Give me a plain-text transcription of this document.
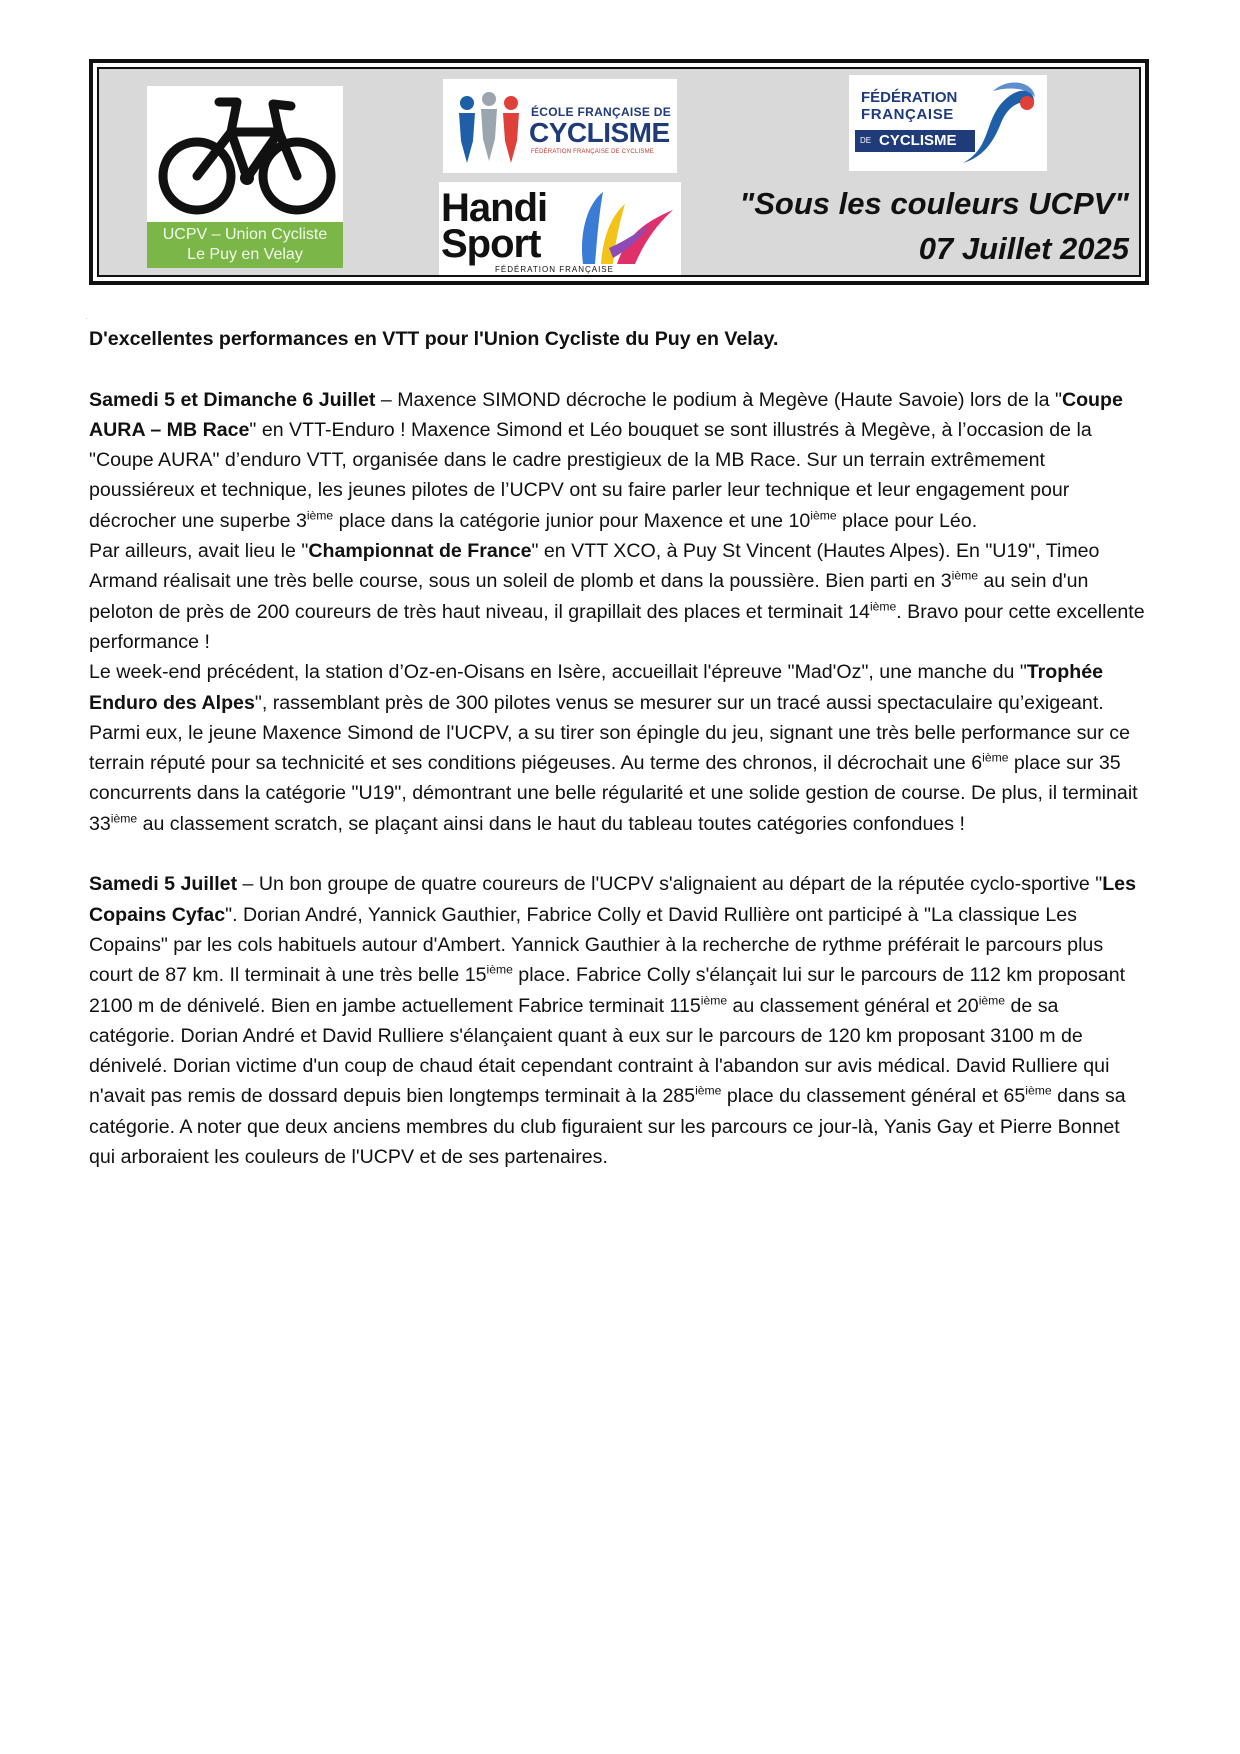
UCPV – Union Cycliste
Le Puy en Velay
ÉCOLE FRANÇAISE DE
CYCLISME
FÉDÉRATION FRANÇAISE DE CYCLISME
FÉDÉRATION
FRANÇAISE
DE CYCLISME
Handi
Sport
FÉDÉRATION FRANÇAISE
"Sous les couleurs UCPV"
07 Juillet 2025
·

D'excellentes performances en VTT pour l'Union Cycliste du Puy en Velay.

Samedi 5 et Dimanche 6 Juillet – Maxence SIMOND décroche le podium à Megève (Haute Savoie) lors de la "Coupe AURA – MB Race" en VTT-Enduro ! Maxence Simond et Léo bouquet se sont illustrés à Megève, à l’occasion de la "Coupe AURA" d’enduro VTT, organisée dans le cadre prestigieux de la MB Race. Sur un terrain extrêmement poussiéreux et technique, les jeunes pilotes de l’UCPV ont su faire parler leur technique et leur engagement pour décrocher une superbe 3ième place dans la catégorie junior pour Maxence et une 10ième place pour Léo.

Par ailleurs, avait lieu le "Championnat de France" en VTT XCO, à Puy St Vincent (Hautes Alpes). En "U19", Timeo Armand réalisait une très belle course, sous un soleil de plomb et dans la poussière. Bien parti en 3ième au sein d'un peloton de près de 200 coureurs de très haut niveau, il grapillait des places et terminait 14ième. Bravo pour cette excellente performance !

Le week-end précédent, la station d’Oz-en-Oisans en Isère, accueillait l'épreuve "Mad'Oz", une manche du "Trophée Enduro des Alpes", rassemblant près de 300 pilotes venus se mesurer sur un tracé aussi spectaculaire qu’exigeant. Parmi eux, le jeune Maxence Simond de l'UCPV, a su tirer son épingle du jeu, signant une très belle performance sur ce terrain réputé pour sa technicité et ses conditions piégeuses. Au terme des chronos, il décrochait une 6ième place sur 35 concurrents dans la catégorie "U19", démontrant une belle régularité et une solide gestion de course. De plus, il terminait 33ième au classement scratch, se plaçant ainsi dans le haut du tableau toutes catégories confondues !

Samedi 5 Juillet – Un bon groupe de quatre coureurs de l'UCPV s'alignaient au départ de la réputée cyclo-sportive "Les Copains Cyfac". Dorian André, Yannick Gauthier, Fabrice Colly et David Rullière ont participé à "La classique Les Copains" par les cols habituels autour d'Ambert. Yannick Gauthier à la recherche de rythme préférait le parcours plus court de 87 km. Il terminait à une très belle 15ième place. Fabrice Colly s'élançait lui sur le parcours de 112 km proposant 2100 m de dénivelé. Bien en jambe actuellement Fabrice terminait 115ième au classement général et 20ième de sa catégorie. Dorian André et David Rulliere s'élançaient quant à eux sur le parcours de 120 km proposant 3100 m de dénivelé. Dorian victime d'un coup de chaud était cependant contraint à l'abandon sur avis médical. David Rulliere qui n'avait pas remis de dossard depuis bien longtemps terminait à la 285ième place du classement général et 65ième dans sa catégorie. A noter que deux anciens membres du club figuraient sur les parcours ce jour-là, Yanis Gay et Pierre Bonnet qui arboraient les couleurs de l'UCPV et de ses partenaires.
